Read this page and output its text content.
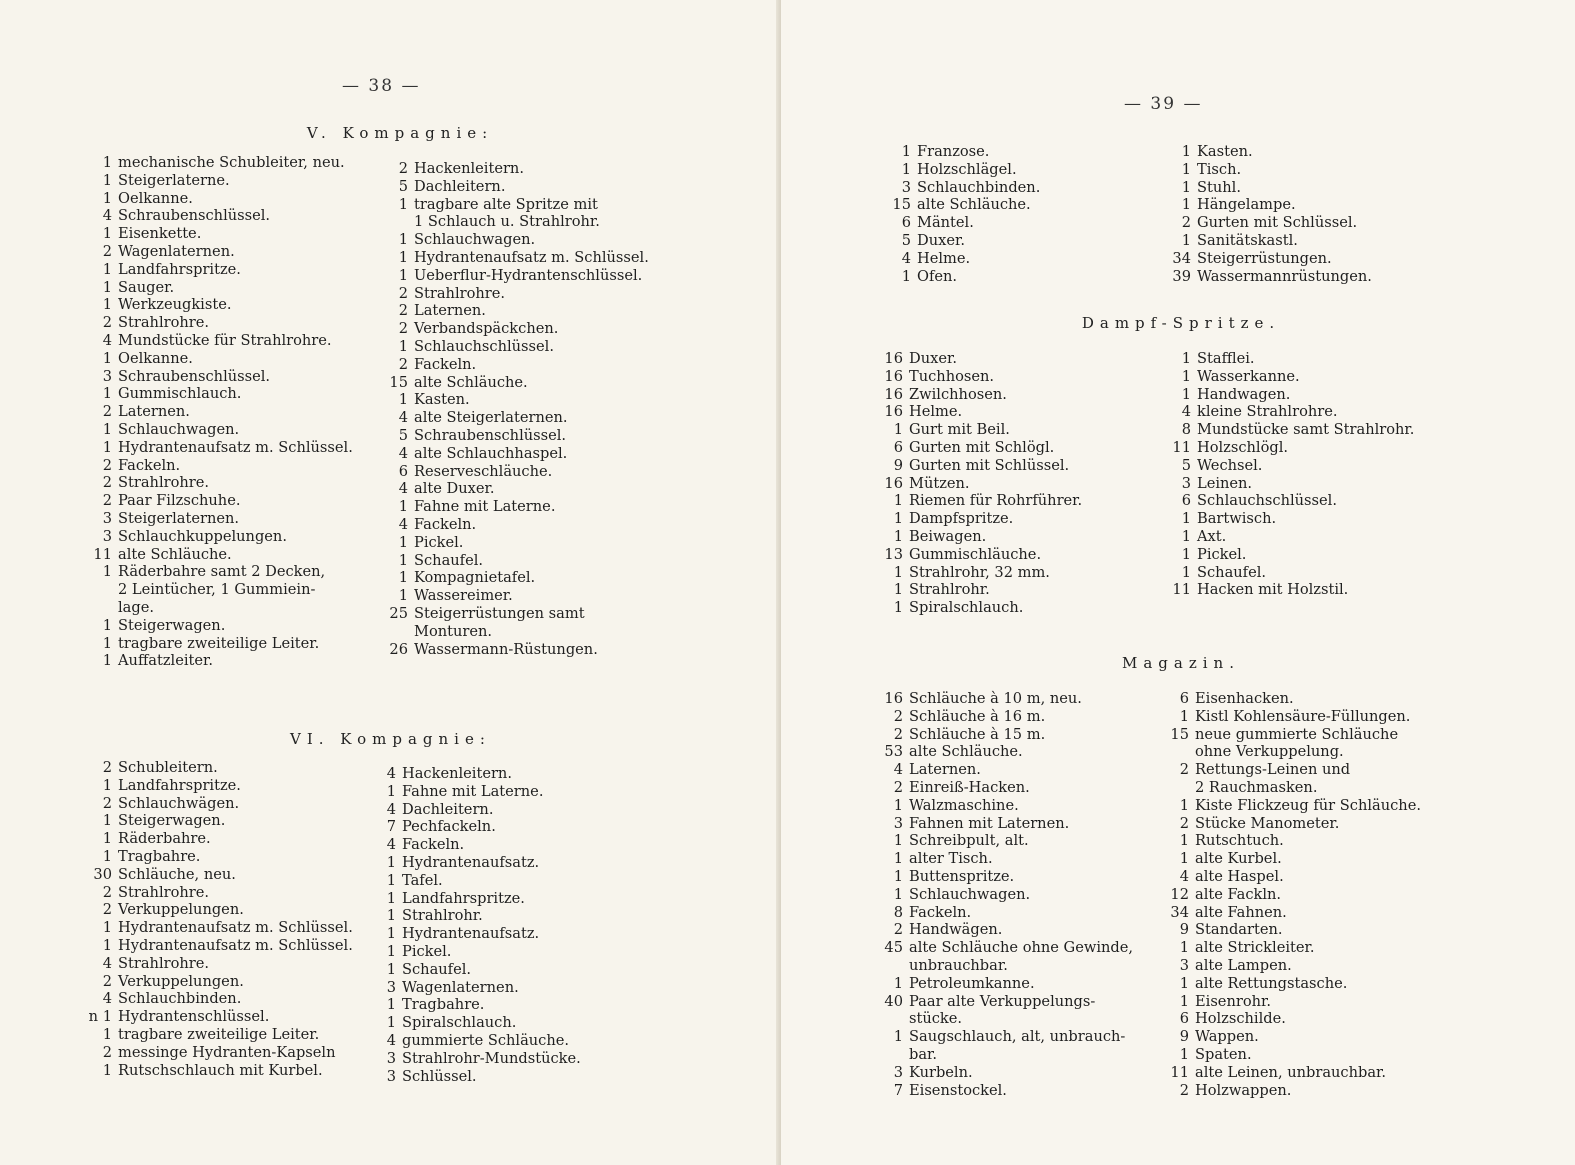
— 38 —
V. Kompagnie:
1 mechanische Schubleiter, neu.
1 Steigerlaterne.
1 Oelkanne.
4 Schraubenschlüssel.
1 Eisenkette.
2 Wagenlaternen.
1 Landfahrspritze.
1 Sauger.
1 Werkzeugkiste.
2 Strahlrohre.
4 Mundstücke für Strahlrohre.
1 Oelkanne.
3 Schraubenschlüssel.
1 Gummischlauch.
2 Laternen.
1 Schlauchwagen.
1 Hydrantenaufsatz m. Schlüssel.
2 Fackeln.
2 Strahlrohre.
2 Paar Filzschuhe.
3 Steigerlaternen.
3 Schlauchkuppelungen.
11 alte Schläuche.
1 Räderbahre samt 2 Decken,
2 Leintücher, 1 Gummiein-
lage.
1 Steigerwagen.
1 tragbare zweiteilige Leiter.
1 Auffatzleiter.
2 Hackenleitern.
5 Dachleitern.
1 tragbare alte Spritze mit
1 Schlauch u. Strahlrohr.
1 Schlauchwagen.
1 Hydrantenaufsatz m. Schlüssel.
1 Ueberflur-Hydrantenschlüssel.
2 Strahlrohre.
2 Laternen.
2 Verbandspäckchen.
1 Schlauchschlüssel.
2 Fackeln.
15 alte Schläuche.
1 Kasten.
4 alte Steigerlaternen.
5 Schraubenschlüssel.
4 alte Schlauchhaspel.
6 Reserveschläuche.
4 alte Duxer.
1 Fahne mit Laterne.
4 Fackeln.
1 Pickel.
1 Schaufel.
1 Kompagnietafel.
1 Wassereimer.
25 Steigerrüstungen samt
Monturen.
26 Wassermann-Rüstungen.
VI. Kompagnie:
2 Schubleitern.
1 Landfahrspritze.
2 Schlauchwägen.
1 Steigerwagen.
1 Räderbahre.
1 Tragbahre.
30 Schläuche, neu.
2 Strahlrohre.
2 Verkuppelungen.
1 Hydrantenaufsatz m. Schlüssel.
1 Hydrantenaufsatz m. Schlüssel.
4 Strahlrohre.
2 Verkuppelungen.
4 Schlauchbinden.
n 1 Hydrantenschlüssel.
1 tragbare zweiteilige Leiter.
2 messinge Hydranten-Kapseln
1 Rutschschlauch mit Kurbel.
4 Hackenleitern.
1 Fahne mit Laterne.
4 Dachleitern.
7 Pechfackeln.
4 Fackeln.
1 Hydrantenaufsatz.
1 Tafel.
1 Landfahrspritze.
1 Strahlrohr.
1 Hydrantenaufsatz.
1 Pickel.
1 Schaufel.
3 Wagenlaternen.
1 Tragbahre.
1 Spiralschlauch.
4 gummierte Schläuche.
3 Strahlrohr-Mundstücke.
3 Schlüssel.
— 39 —
1 Franzose.
1 Holzschlägel.
3 Schlauchbinden.
15 alte Schläuche.
6 Mäntel.
5 Duxer.
4 Helme.
1 Ofen.
1 Kasten.
1 Tisch.
1 Stuhl.
1 Hängelampe.
2 Gurten mit Schlüssel.
1 Sanitätskastl.
34 Steigerrüstungen.
39 Wassermannrüstungen.
Dampf-Spritze.
16 Duxer.
16 Tuchhosen.
16 Zwilchhosen.
16 Helme.
1 Gurt mit Beil.
6 Gurten mit Schlögl.
9 Gurten mit Schlüssel.
16 Mützen.
1 Riemen für Rohrführer.
1 Dampfspritze.
1 Beiwagen.
13 Gummischläuche.
1 Strahlrohr, 32 mm.
1 Strahlrohr.
1 Spiralschlauch.
1 Stafflei.
1 Wasserkanne.
1 Handwagen.
4 kleine Strahlrohre.
8 Mundstücke samt Strahlrohr.
11 Holzschlögl.
5 Wechsel.
3 Leinen.
6 Schlauchschlüssel.
1 Bartwisch.
1 Axt.
1 Pickel.
1 Schaufel.
11 Hacken mit Holzstil.
Magazin.
16 Schläuche à 10 m, neu.
2 Schläuche à 16 m.
2 Schläuche à 15 m.
53 alte Schläuche.
4 Laternen.
2 Einreiß-Hacken.
1 Walzmaschine.
3 Fahnen mit Laternen.
1 Schreibpult, alt.
1 alter Tisch.
1 Buttenspritze.
1 Schlauchwagen.
8 Fackeln.
2 Handwägen.
45 alte Schläuche ohne Gewinde,
unbrauchbar.
1 Petroleumkanne.
40 Paar alte Verkuppelungs-
stücke.
1 Saugschlauch, alt, unbrauch-
bar.
3 Kurbeln.
7 Eisenstockel.
6 Eisenhacken.
1 Kistl Kohlensäure-Füllungen.
15 neue gummierte Schläuche
ohne Verkuppelung.
2 Rettungs-Leinen und
2 Rauchmasken.
1 Kiste Flickzeug für Schläuche.
2 Stücke Manometer.
1 Rutschtuch.
1 alte Kurbel.
4 alte Haspel.
12 alte Fackln.
34 alte Fahnen.
9 Standarten.
1 alte Strickleiter.
3 alte Lampen.
1 alte Rettungstasche.
1 Eisenrohr.
6 Holzschilde.
9 Wappen.
1 Spaten.
11 alte Leinen, unbrauchbar.
2 Holzwappen.
